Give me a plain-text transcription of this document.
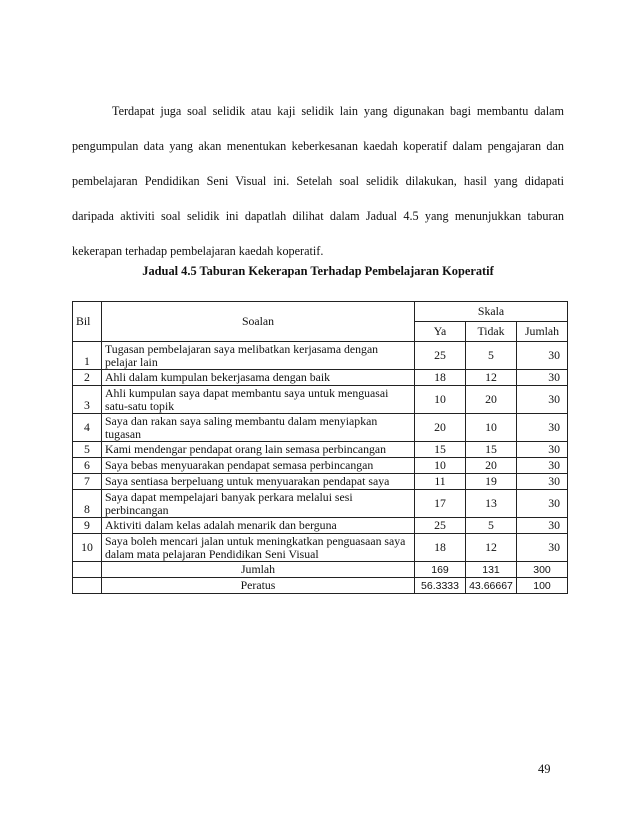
Terdapat juga soal selidik atau kaji selidik lain yang digunakan bagi membantu dalam pengumpulan data yang akan menentukan keberkesanan kaedah koperatif dalam pengajaran dan pembelajaran Pendidikan Seni Visual ini. Setelah soal selidik dilakukan, hasil yang didapati daripada aktiviti soal selidik ini dapatlah dilihat dalam Jadual 4.5 yang menunjukkan taburan kekerapan terhadap pembelajaran kaedah koperatif.

Jadual 4.5 Taburan Kekerapan Terhadap Pembelajaran Koperatif
Bil	Soalan	Skala		
		Ya	Tidak	Jumlah
1	Tugasan pembelajaran saya melibatkan kerjasama dengan pelajar lain	25	5	30
2	Ahli dalam kumpulan bekerjasama dengan baik	18	12	30
3	Ahli kumpulan saya dapat membantu saya untuk menguasai satu-satu topik	10	20	30
4	Saya dan rakan saya saling membantu dalam menyiapkan tugasan	20	10	30
5	Kami mendengar pendapat orang lain semasa perbincangan	15	15	30
6	Saya bebas menyuarakan pendapat semasa perbincangan	10	20	30
7	Saya sentiasa berpeluang untuk menyuarakan pendapat saya	11	19	30
8	Saya dapat mempelajari banyak perkara melalui sesi perbincangan	17	13	30
9	Aktiviti dalam kelas adalah menarik dan berguna	25	5	30
10	Saya boleh mencari jalan untuk meningkatkan penguasaan saya dalam mata pelajaran Pendidikan Seni Visual	18	12	30
	Jumlah	169	131	300
	Peratus	56.3333	43.66667	100
49
